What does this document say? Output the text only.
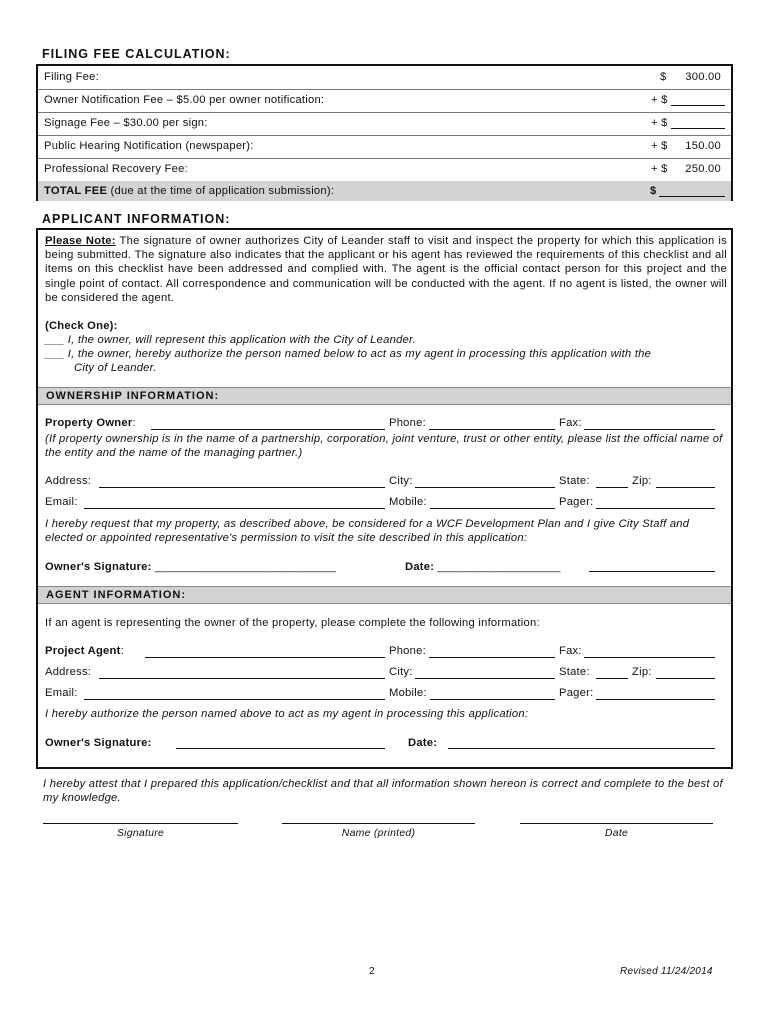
FILING FEE CALCULATION:
Filing Fee:	$ 300.00
Owner Notification Fee – $5.00 per owner notification:	+ $
Signage Fee – $30.00 per sign:	+ $
Public Hearing Notification (newspaper):	+ $ 150.00
Professional Recovery Fee:	+ $ 250.00
TOTAL FEE (due at the time of application submission):	$
APPLICANT INFORMATION:
Please Note: The signature of owner authorizes City of Leander staff to visit and inspect the property for which this application is being submitted. The signature also indicates that the applicant or his agent has reviewed the requirements of this checklist and all items on this checklist have been addressed and complied with. The agent is the official contact person for this project and the single point of contact. All correspondence and communication will be conducted with the agent. If no agent is listed, the owner will be considered the agent.
(Check One):
___ I, the owner, will represent this application with the City of Leander.
___ I, the owner, hereby authorize the person named below to act as my agent in processing this application with the
City of Leander.
OWNERSHIP INFORMATION:
Property Owner:	Phone:	Fax:
(If property ownership is in the name of a partnership, corporation, joint venture, trust or other entity, please list the official name of the entity and the name of the managing partner.)
Address:	City:	State:	Zip:
Email:	Mobile:	Pager:
I hereby request that my property, as described above, be considered for a WCF Development Plan and I give City Staff and elected or appointed representative's permission to visit the site described in this application:
Owner's Signature: ____________________________	Date: ___________________
AGENT INFORMATION:
If an agent is representing the owner of the property, please complete the following information:
Project Agent:	Phone:	Fax:
Address:	City:	State:	Zip:
Email:	Mobile:	Pager:
I hereby authorize the person named above to act as my agent in processing this application:
Owner's Signature:	Date:
I hereby attest that I prepared this application/checklist and that all information shown hereon is correct and complete to the best of my knowledge.
Signature	Name (printed)	Date
2	Revised 11/24/2014
